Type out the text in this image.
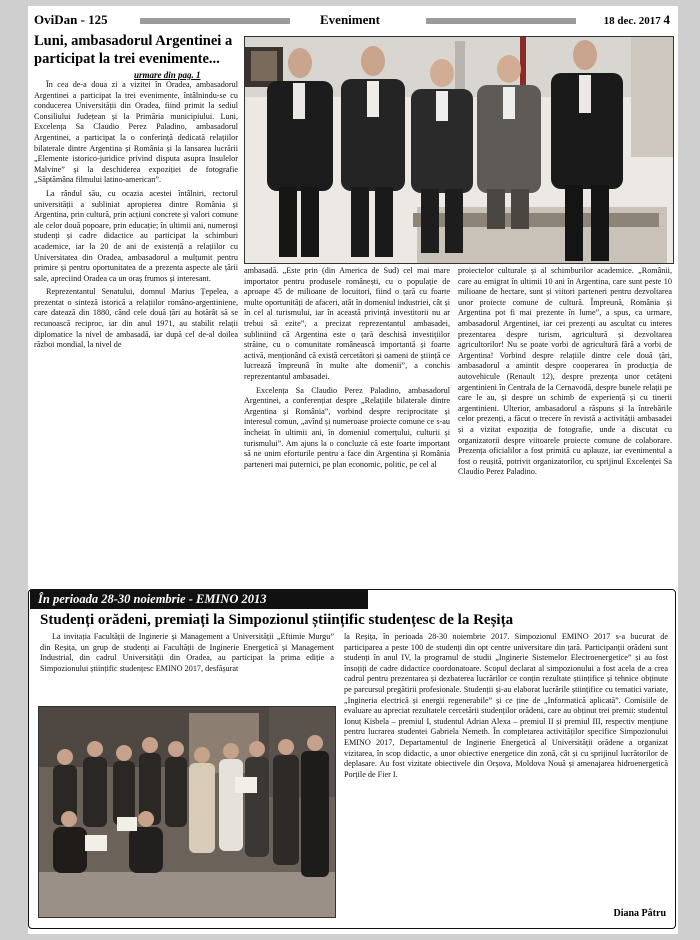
OviDan - 125	Eveniment	18 dec. 2017 4
Luni, ambasadorul Argentinei a participat la trei evenimente...
urmare din pag. 1

În cea de-a doua zi a vizitei în Oradea, ambasadorul Argentinei a participat la trei evenimente, întâlnindu-se cu conducerea Universității din Oradea, fiind primit la sediul Consiliului Județean și la Primăria municipiului. Luni, Excelența Sa Claudio Perez Paladino, ambasadorul Argentinei, a participat la o conferință dedicată relațiilor bilaterale dintre Argentina și România și la lansarea lucrării „Elemente istorico-juridice privind disputa asupra Insulelor Malvine” și la deschiderea expoziției de fotografie „Săptămâna filmului latino-american”.

La rândul său, cu ocazia acestei întâlniri, rectorul universității a subliniat apropierea dintre România și Argentina, prin cultură, prin acțiuni concrete și valori comune ale celor două popoare, prin educație; în ultimii ani, numeroși studenți și cadre didactice au participat la schimburi academice, iar la 20 de ani de existență a relațiilor cu Universitatea din Oradea, ambasadorul a mulțumit pentru primire și pentru oportunitatea de a prezenta aspecte ale țării sale, apreciind Oradea ca un oraș frumos și interesant.

Reprezentantul Senatului, domnul Marius Țepelea, a prezentat o sinteză istorică a relațiilor româno-argentiniene, care datează din 1880, când cele două țări au hotărât să se recunoască reciproc, iar din anul 1971, au stabilit relații diplomatice la nivel de ambasadă, iar după cel de-al doilea război mondial, la nivel de

ambasadă. „Este prin (din America de Sud) cel mai mare importator pentru produsele românești, cu o populație de aproape 45 de milioane de locuitori, fiind o țară cu foarte multe oportunități de afaceri, atât în domeniul industriei, cât și în cel al turismului, iar în această privință investitorii nu ar trebui să ezite”, a precizat reprezentantul ambasadei, subliniind că Argentina este o țară deschisă investițiilor străine, cu o comunitate românească importantă și foarte activă, menționând că există cercetători și oameni de știință ce lucrează împreună în multe alte domenii”, a conchis reprezentantul ambasadei.

Excelența Sa Claudio Perez Paladino, ambasadorul Argentinei, a conferențiat despre „Relațiile bilaterale dintre Argentina și România”, vorbind despre reciprocitate și interesul comun, „avînd și numeroase proiecte comune ce s-au încheiat în ultimii ani, în domeniul comerțului, culturii și turismului”. Am ajuns la o concluzie că este foarte important să ne unim eforturile pentru a face din Argentina și România parteneri mai puternici, pe plan economic, politic, pe cel al

proiectelor culturale și al schimburilor academice. „Românii, care au emigrat în ultimii 10 ani în Argentina, care sunt peste 10 milioane de hectare, sunt și viitori parteneri pentru dezvoltarea unor proiecte comune de cultură. Împreună, România și Argentina pot fi mai prezente în lume”, a spus, ca urmare, ambasadorul Argentinei, iar cei prezenți au ascultat cu interes prezentarea despre turism, agricultură și dezvoltarea agricultorilor! Nu se poate vorbi de agricultură fără a vorbi de Argentina! Vorbind despre relațiile dintre cele două țări, ambasadorul a amintit despre cooperarea în producția de autovehicule (Renault 12), despre prezența unor cetățeni argentinieni în Centrala de la Cernavodă, despre bunele relații pe care le au, și despre un schimb de experiență și cu tinerii argentinieni. Ulterior, ambasadorul a răspuns și la întrebările celor prezenți, a făcut o trecere în revistă a activității ambasadei și a vizitat expoziția de fotografie, unde a discutat cu organizatorii despre viitoarele proiecte comune de colaborare. Prezența oficialilor a fost primită cu aplauze, iar evenimentul a fost o reușită, potrivit organizatorilor, cu sprijinul Excelenței Sa Claudio Perez Paladino.

În perioada 28-30 noiembrie - EMINO 2013
Studenți orădeni, premiați la Simpozionul științific studențesc de la Reșița

La invitația Facultății de Inginerie și Management a Universității „Eftimie Murgu” din Reșița, un grup de studenți ai Facultății de Inginerie Energetică și Management Industrial, din cadrul Universității din Oradea, au participat la prima ediție a Simpozionului științific studențesc EMINO 2017, desfășurat

la Reșița, în perioada 28-30 noiembrie 2017. Simpozionul EMINO 2017 s-a bucurat de participarea a peste 100 de studenți din opt centre universitare din țară. Participanții orădeni sunt studenți în anul IV, la programul de studii „Inginerie Sistemelor Electroenergetice” și au fost însoțiți de cadre didactice coordonatoare. Scopul declarat al simpozionului a fost acela de a crea cadrul pentru prezentarea și dezbaterea lucrărilor ce conțin rezultate științifice și tehnice obținute pe parcursul pregătirii profesionale. Studenții și-au elaborat lucrările științifice cu tematici variate, „Ingineria electrică și energii regenerabile” și ce ține de „Informatică aplicată”. Comisiile de evaluare au apreciat rezultatele cercetării studenților orădeni, care au obținut trei premii: studentul Ionuț Kisbela – premiul I, studentul Adrian Alexa – premiul II și premiul III, respectiv mențiune pentru lucrarea studentei Gabriela Nemeth. În completarea activităților specifice Simpozionului EMINO 2017, Departamentul de Inginerie Energetică al Universității orădene a organizat vizitarea, în scop didactic, a unor obiective energetice din zonă, cât și cu sprijinul lucrătorilor de deplasare. Au fost vizitate obiectivele din Orșova, Moldova Nouă și amenajarea hidroenergetică Porțile de Fier I.

Diana Pâtru
